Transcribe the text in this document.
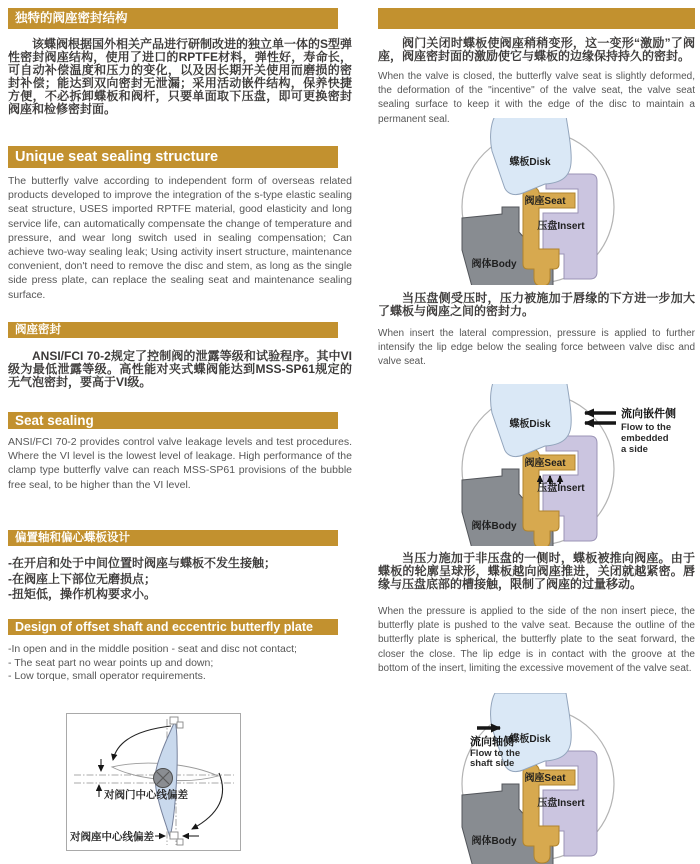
独特的阀座密封结构

该蝶阀根据国外相关产品进行研制改进的独立单一体的S型弹性密封阀座结构，使用了进口的RPTFE材料，弹性好，寿命长，可自动补偿温度和压力的变化，以及因长期开关使用而磨损的密封补偿；能达到双向密封无泄漏；采用活动嵌件结构，保养快捷方便，不必拆卸蝶板和阀杆，只要单面取下压盘，即可更换密封阀座和检修密封面。

Unique seat sealing structure

The butterfly valve according to independent form of overseas related products developed to improve the integration of the s-type elastic sealing seat structure, USES imported RPTFE material, good elasticity and long service life, can automatically compensate the change of temperature and pressure, and wear long switch used in sealing compensation; Can achieve two-way sealing leak; Using activity insert structure, maintenance convenient, don't need to remove the disc and stem, as long as the single side press plate, can replace the sealing seat and maintenance sealing surface.

阀座密封

ANSI/FCI 70-2规定了控制阀的泄露等级和试验程序。其中VI级为最低泄露等级。高性能对夹式蝶阀能达到MSS-SP61规定的无气泡密封，要高于VI级。

Seat sealing

ANSI/FCI 70-2 provides control valve leakage levels and test procedures. Where the VI level is the lowest level of leakage. High performance of the clamp type butterfly valve can reach MSS-SP61 provisions of the bubble free seal, to be higher than the VI level.

偏置轴和偏心蝶板设计
-在开启和处于中间位置时阀座与蝶板不发生接触；
-在阀座上下部位无磨损点；
-扭矩低，操作机构要求小。
Design of offset shaft and eccentric butterfly plate
-In open and in the middle position - seat and disc not contact;
- The seat part no wear points up and down;
- Low torque, small operator requirements.
对阀门中心线偏差
对阀座中心线偏差

阀门关闭时蝶板使阀座稍稍变形，这一变形“激励”了阀座，阀座密封面的激励使它与蝶板的边缘保持持久的密封。

When the valve is closed, the butterfly valve seat is slightly deformed, the deformation of the "incentive" of the valve seat, the valve seat sealing surface to keep it with the edge of the disc to maintain a permanent seal.

当压盘侧受压时，压力被施加于唇缘的下方进一步加大了蝶板与阀座之间的密封力。

When insert the lateral compression, pressure is applied to further intensify the lip edge below the sealing force between valve disc and valve seat.

流向嵌件侧
Flow to the
embedded
a side

当压力施加于非压盘的一侧时，蝶板被推向阀座。由于蝶板的轮廓呈球形，蝶板越向阀座推进，关闭就越紧密。唇缘与压盘底部的槽接触，限制了阀座的过量移动。

When the pressure is applied to the side of the non insert piece, the butterfly plate is pushed to the valve seat. Because the outline of the butterfly plate is spherical, the butterfly plate to the seat forward, the closer the close. The lip edge is in contact with the groove at the bottom of the insert, limiting the excessive movement of the valve seat.

流向轴侧
Flow to the
shaft side
